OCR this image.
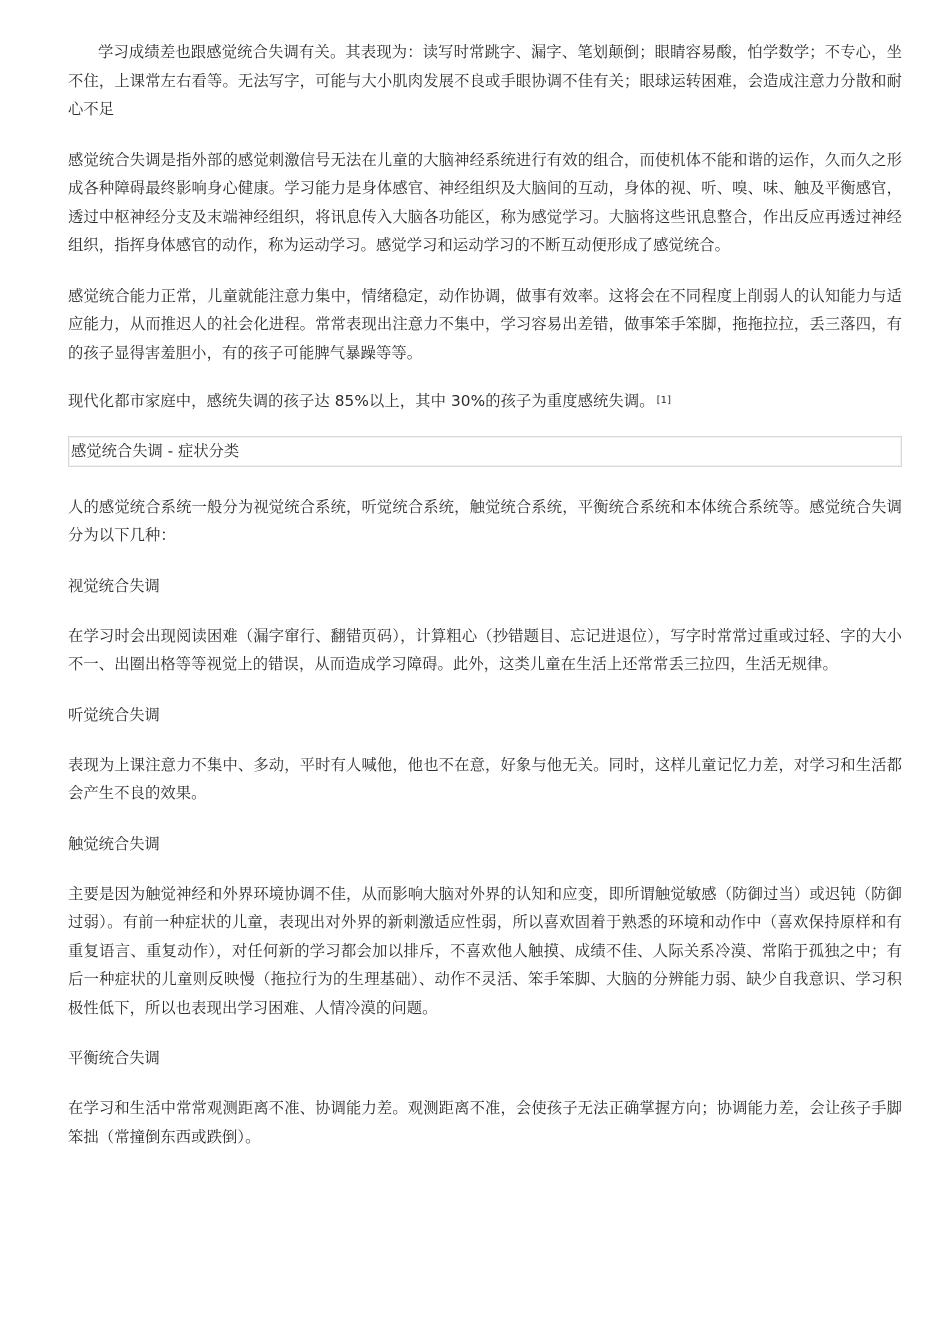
学习成绩差也跟感觉统合失调有关。其表现为：读写时常跳字、漏字、笔划颠倒；眼睛容易酸，怕学数学；不专心，坐不住，上课常左右看等。无法写字，可能与大小肌肉发展不良或手眼协调不佳有关；眼球运转困难，会造成注意力分散和耐心不足

感觉统合失调是指外部的感觉刺激信号无法在儿童的大脑神经系统进行有效的组合，而使机体不能和谐的运作，久而久之形成各种障碍最终影响身心健康。学习能力是身体感官、神经组织及大脑间的互动，身体的视、听、嗅、味、触及平衡感官，透过中枢神经分支及末端神经组织，将讯息传入大脑各功能区，称为感觉学习。大脑将这些讯息整合，作出反应再透过神经组织，指挥身体感官的动作，称为运动学习。感觉学习和运动学习的不断互动便形成了感觉统合。

感觉统合能力正常，儿童就能注意力集中，情绪稳定，动作协调，做事有效率。这将会在不同程度上削弱人的认知能力与适应能力，从而推迟人的社会化进程。常常表现出注意力不集中，学习容易出差错，做事笨手笨脚，拖拖拉拉，丢三落四，有的孩子显得害羞胆小，有的孩子可能脾气暴躁等等。

现代化都市家庭中，感统失调的孩子达 85%以上，其中 30%的孩子为重度感统失调。 [1]

感觉统合失调 - 症状分类

人的感觉统合系统一般分为视觉统合系统，听觉统合系统，触觉统合系统，平衡统合系统和本体统合系统等。感觉统合失调分为以下几种：

视觉统合失调

在学习时会出现阅读困难（漏字窜行、翻错页码），计算粗心（抄错题目、忘记进退位），写字时常常过重或过轻、字的大小不一、出圈出格等等视觉上的错误，从而造成学习障碍。此外，这类儿童在生活上还常常丢三拉四，生活无规律。

听觉统合失调

表现为上课注意力不集中、多动，平时有人喊他，他也不在意，好象与他无关。同时，这样儿童记忆力差，对学习和生活都会产生不良的效果。

触觉统合失调

主要是因为触觉神经和外界环境协调不佳，从而影响大脑对外界的认知和应变，即所谓触觉敏感（防御过当）或迟钝（防御过弱）。有前一种症状的儿童，表现出对外界的新刺激适应性弱，所以喜欢固着于熟悉的环境和动作中（喜欢保持原样和有重复语言、重复动作），对任何新的学习都会加以排斥，不喜欢他人触摸、成绩不佳、人际关系冷漠、常陷于孤独之中；有后一种症状的儿童则反映慢（拖拉行为的生理基础）、动作不灵活、笨手笨脚、大脑的分辨能力弱、缺少自我意识、学习积极性低下，所以也表现出学习困难、人情冷漠的问题。

平衡统合失调

在学习和生活中常常观测距离不准、协调能力差。观测距离不准，会使孩子无法正确掌握方向；协调能力差，会让孩子手脚笨拙（常撞倒东西或跌倒）。
